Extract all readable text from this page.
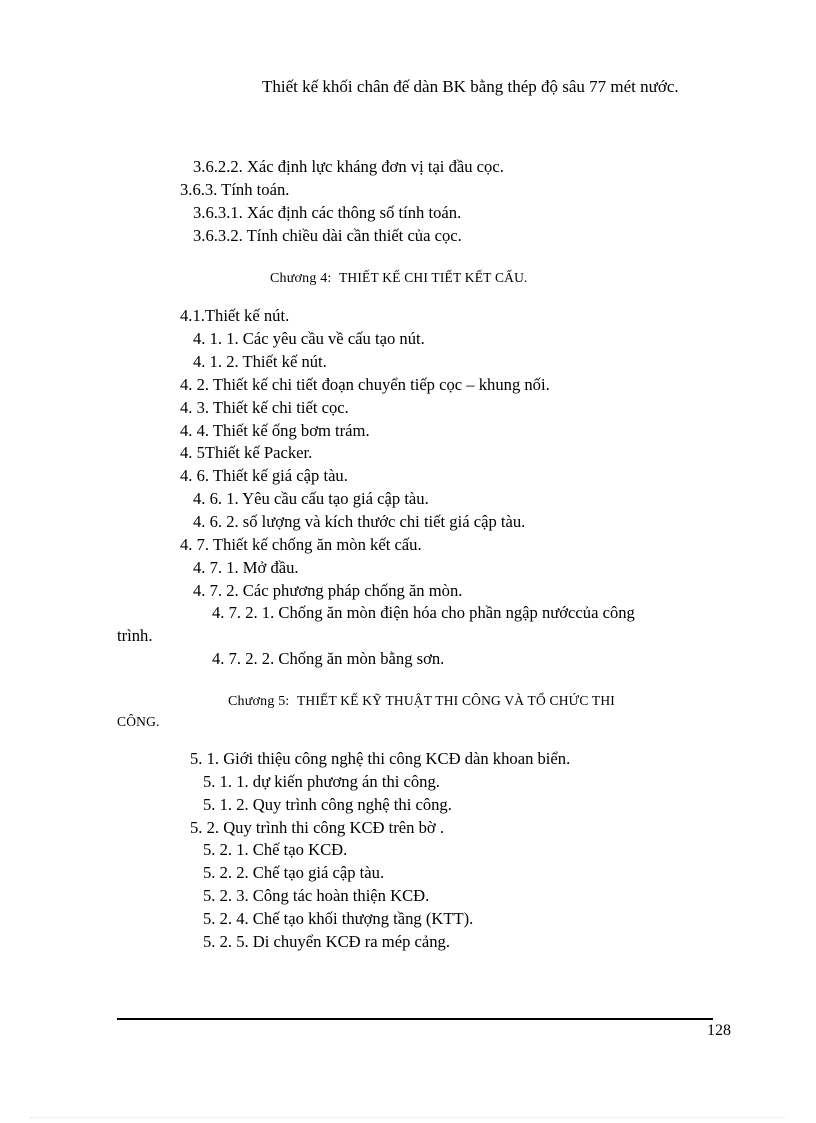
Thiết kế khối chân đế dàn BK bằng thép độ sâu 77 mét nước.
3.6.2.2. Xác định lực kháng đơn vị tại đầu cọc.
3.6.3. Tính toán.
3.6.3.1. Xác định các thông số tính toán.
3.6.3.2. Tính chiều dài cần thiết của cọc.
Chương 4: THIẾT KẾ CHI TIẾT KẾT CẤU.
4.1.Thiết kế nút.
4. 1. 1. Các yêu cầu về cấu tạo nút.
4. 1. 2. Thiết kế nút.
4. 2. Thiết kế chi tiết đoạn chuyển tiếp cọc – khung nối.
4. 3. Thiết kế chi tiết cọc.
4. 4. Thiết kế ống bơm trám.
4. 5Thiết kế Packer.
4. 6. Thiết kế giá cập tàu.
4. 6. 1. Yêu cầu cấu tạo giá cập tàu.
4. 6. 2. số lượng và kích thước chi tiết giá cập tàu.
4. 7. Thiết kế chống ăn mòn kết cấu.
4. 7. 1. Mở đầu.
4. 7. 2. Các phương pháp chống ăn mòn.
4. 7. 2. 1. Chống ăn mòn điện hóa cho phần ngập nướccủa công
trình.
4. 7. 2. 2. Chống ăn mòn bằng sơn.
Chương 5: THIẾT KẾ KỸ THUẬT THI CÔNG VÀ TỔ CHỨC THI
CÔNG.
5. 1. Giới thiệu công nghệ thi công KCĐ dàn khoan biển.
5. 1. 1. dự kiến phương án thi công.
5. 1. 2. Quy trình công nghệ thi công.
5. 2. Quy trình thi công KCĐ trên bờ .
5. 2. 1. Chế tạo KCĐ.
5. 2. 2. Chế tạo giá cập tàu.
5. 2. 3. Công tác hoàn thiện KCĐ.
5. 2. 4. Chế tạo khối thượng tầng (KTT).
5. 2. 5. Di chuyển KCĐ ra mép cảng.
128
